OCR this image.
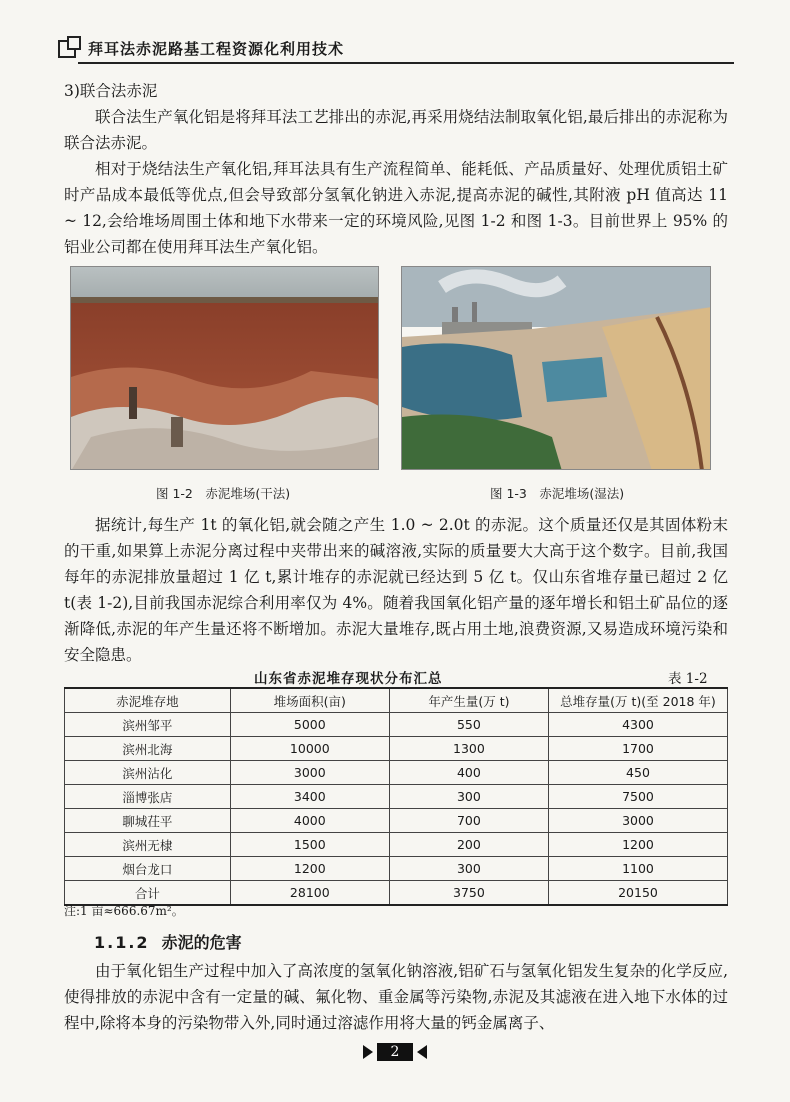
拜耳法赤泥路基工程资源化利用技术

3)联合法赤泥

联合法生产氧化铝是将拜耳法工艺排出的赤泥,再采用烧结法制取氧化铝,最后排出的赤泥称为联合法赤泥。

相对于烧结法生产氧化铝,拜耳法具有生产流程简单、能耗低、产品质量好、处理优质铝土矿时产品成本最低等优点,但会导致部分氢氧化钠进入赤泥,提高赤泥的碱性,其附液 pH 值高达 11 ~ 12,会给堆场周围土体和地下水带来一定的环境风险,见图 1-2 和图 1-3。目前世界上 95% 的铝业公司都在使用拜耳法生产氧化铝。

图 1-2　赤泥堆场(干法)	图 1-3　赤泥堆场(湿法)

据统计,每生产 1t 的氧化铝,就会随之产生 1.0 ~ 2.0t 的赤泥。这个质量还仅是其固体粉末的干重,如果算上赤泥分离过程中夹带出来的碱溶液,实际的质量要大大高于这个数字。目前,我国每年的赤泥排放量超过 1 亿 t,累计堆存的赤泥就已经达到 5 亿 t。仅山东省堆存量已超过 2 亿 t(表 1-2),目前我国赤泥综合利用率仅为 4%。随着我国氧化铝产量的逐年增长和铝土矿品位的逐渐降低,赤泥的年产生量还将不断增加。赤泥大量堆存,既占用土地,浪费资源,又易造成环境污染和安全隐患。

山东省赤泥堆存现状分布汇总	表 1-2
赤泥堆存地	堆场面积(亩)	年产生量(万 t)	总堆存量(万 t)(至 2018 年)
滨州邹平	5000	550	4300
滨州北海	10000	1300	1700
滨州沾化	3000	400	450
淄博张店	3400	300	7500
聊城茌平	4000	700	3000
滨州无棣	1500	200	1200
烟台龙口	1200	300	1100
合计	28100	3750	20150
注:1 亩≈666.67m²。
1.1.2 赤泥的危害

由于氧化铝生产过程中加入了高浓度的氢氧化钠溶液,铝矿石与氢氧化铝发生复杂的化学反应,使得排放的赤泥中含有一定量的碱、氟化物、重金属等污染物,赤泥及其滤液在进入地下水体的过程中,除将本身的污染物带入外,同时通过溶滤作用将大量的钙金属离子、

2
